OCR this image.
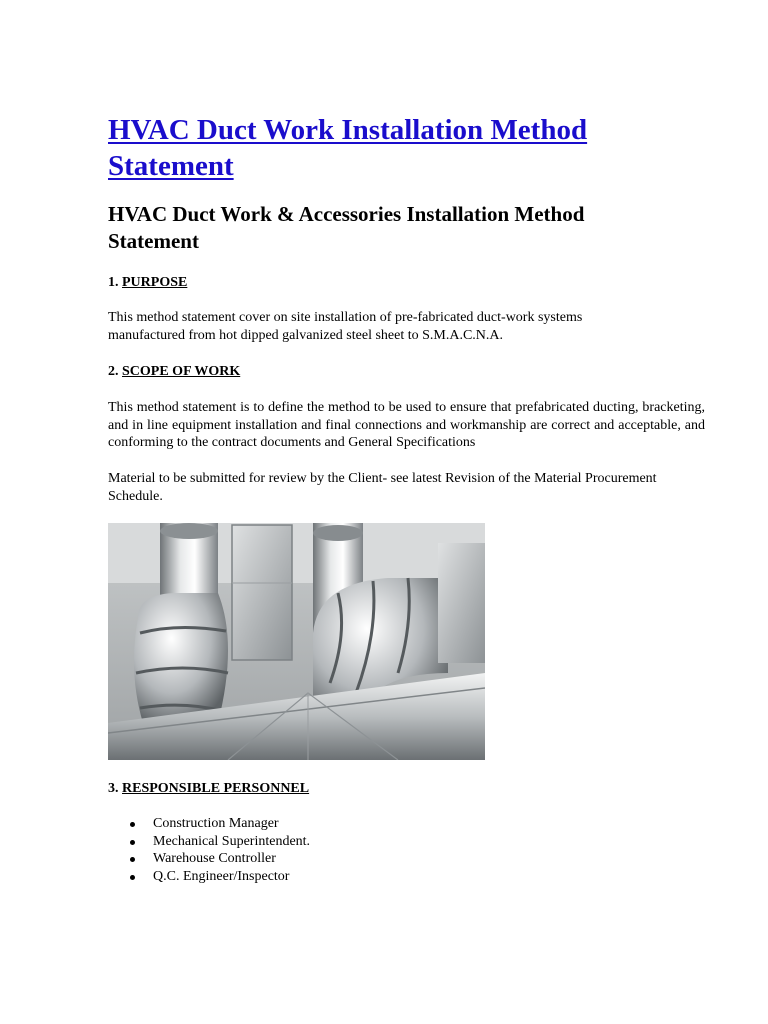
HVAC Duct Work Installation Method Statement
HVAC Duct Work & Accessories Installation Method Statement

1. PURPOSE

This method statement cover on site installation of pre-fabricated duct-work systems manufactured from hot dipped galvanized steel sheet to S.M.A.C.N.A.

2. SCOPE OF WORK

This method statement is to define the method to be used to ensure that prefabricated ducting, bracketing, and in line equipment installation and final connections and workmanship are correct and acceptable, and conforming to the contract documents and General Specifications

Material to be submitted for review by the Client- see latest Revision of the Material Procurement Schedule.

3. RESPONSIBLE PERSONNEL

Construction Manager
Mechanical Superintendent.
Warehouse Controller
Q.C. Engineer/Inspector
